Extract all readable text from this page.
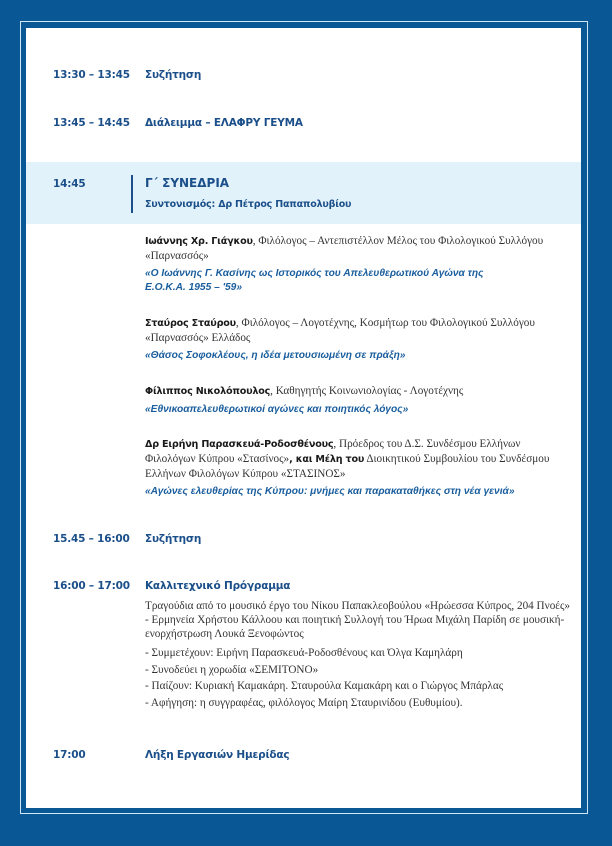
13:30 – 13:45 Συζήτηση
13:45 – 14:45 Διάλειμμα – ΕΛΑΦΡΥ ΓΕΥΜΑ
14:45	Γ΄ ΣΥΝΕΔΡΙΑ
Συντονισμός: Δρ Πέτρος Παπαπολυβίου
Ιωάννης Χρ. Γιάγκου, Φιλόλογος – Αντεπιστέλλον Μέλος του Φιλολογικού Συλλόγου «Παρνασσός»
«Ο Ιωάννης Γ. Κασίνης ως Ιστορικός του Απελευθερωτικού Αγώνα της Ε.Ο.Κ.Α. 1955 – '59»
Σταύρος Σταύρου, Φιλόλογος – Λογοτέχνης, Κοσμήτωρ του Φιλολογικού Συλλόγου «Παρνασσός» Ελλάδος
«Θάσος Σοφοκλέους, η ιδέα μετουσιωμένη σε πράξη»
Φίλιππος Νικολόπουλος, Καθηγητής Κοινωνιολογίας - Λογοτέχνης
«Εθνικοαπελευθερωτικοί αγώνες και ποιητικός λόγος»
Δρ Ειρήνη Παρασκευά-Ροδοσθένους, Πρόεδρος του Δ.Σ. Συνδέσμου Ελλήνων Φιλολόγων Κύπρου «Στασίνος», και Μέλη του Διοικητικού Συμβουλίου του Συνδέσμου Ελλήνων Φιλολόγων Κύπρου «ΣΤΑΣΙΝΟΣ»
«Αγώνες ελευθερίας της Κύπρου: μνήμες και παρακαταθήκες στη νέα γενιά»
15.45 – 16:00 Συζήτηση
16:00 – 17:00 Καλλιτεχνικό Πρόγραμμα
Τραγούδια από το μουσικό έργο του Νίκου Παπακλεοβούλου «Ηρώεσσα Κύπρος, 204 Πνοές» - Ερμηνεία Χρήστου Κάλλοου και ποιητική Συλλογή του Ήρωα Μιχάλη Παρίδη σε μουσική-ενορχήστρωση Λουκά Ξενοφώντος
- Συμμετέχουν: Ειρήνη Παρασκευά-Ροδοσθένους και Όλγα Καμηλάρη
- Συνοδεύει η χορωδία «ΣΕΜΙΤΟΝΟ»
- Παίζουν: Κυριακή Καμακάρη. Σταυρούλα Καμακάρη και ο Γιώργος Μπάρλας
- Αφήγηση: η συγγραφέας, φιλόλογος Μαίρη Σταυρινίδου (Ευθυμίου).
17:00	Λήξη Εργασιών Ημερίδας
